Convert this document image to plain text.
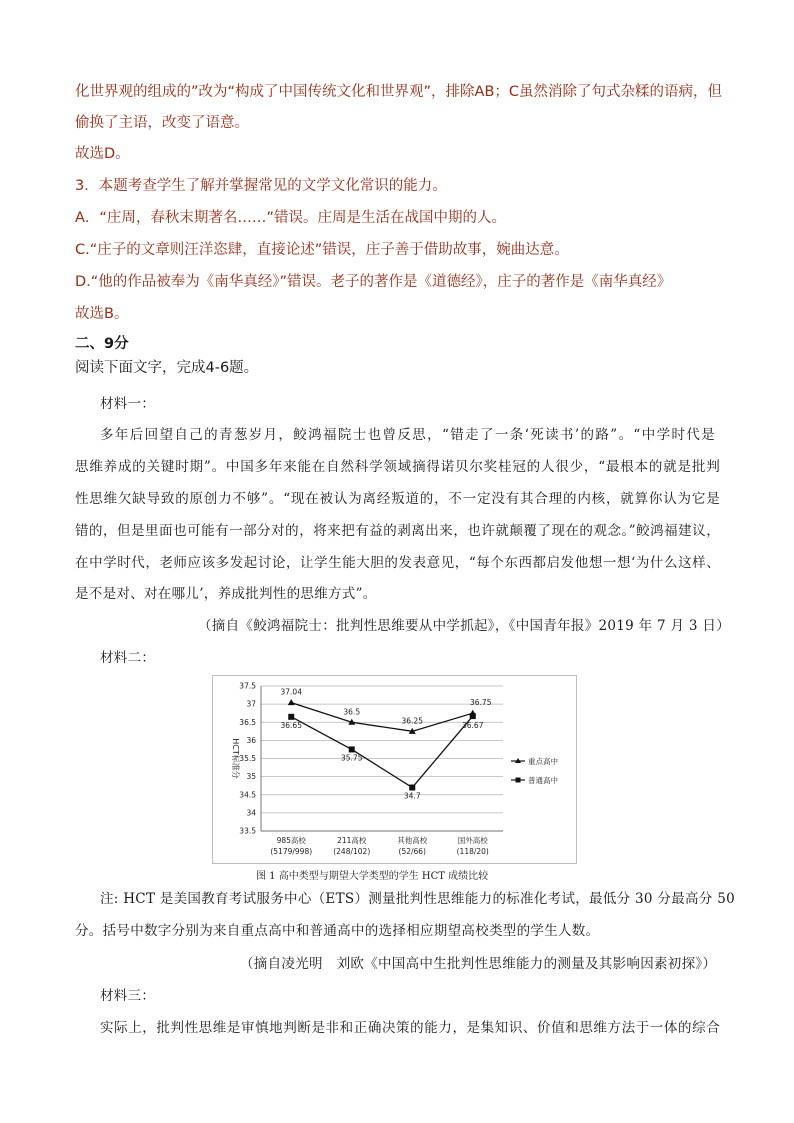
化世界观的组成的”改为“构成了中国传统文化和世界观”，排除AB；C虽然消除了句式杂糅的语病，但
偷换了主语，改变了语意。
故选D。
3．本题考查学生了解并掌握常见的文学文化常识的能力。
A．“庄周，春秋末期著名……”错误。庄周是生活在战国中期的人。
C.“庄子的文章则汪洋恣肆，直接论述”错误，庄子善于借助故事，婉曲达意。
D.“他的作品被奉为《南华真经》”错误。老子的著作是《道德经》，庄子的著作是《南华真经》
故选B。
二、9分
阅读下面文字，完成4-6题。
材料一：
多年后回望自己的青葱岁月，鲛鸿福院士也曾反思，“错走了一条‘死读书’的路”。“中学时代是
思维养成的关键时期”。中国多年来能在自然科学领域摘得诺贝尔奖桂冠的人很少，“最根本的就是批判
性思维欠缺导致的原创力不够”。“现在被认为离经叛道的，不一定没有其合理的内核，就算你认为它是
错的，但是里面也可能有一部分对的，将来把有益的剥离出来，也许就颠覆了现在的观念。”鲛鸿福建议，
在中学时代，老师应该多发起讨论，让学生能大胆的发表意见，“每个东西都启发他想一想‘为什么这样、
是不是对、对在哪儿’，养成批判性的思维方式”。
（摘自《鲛鸿福院士：批判性思维要从中学抓起》，《中国青年报》2019 年 7 月 3 日）
材料二：
37.5
37
36.5
36
35.5
35
34.5
34
33.5
HCT标准分
985高校
(5179/998)
211高校
(248/102)
其他高校
(52/66)
国外高校
(118/20)
37.04
36.5
36.25
36.75
36.65
35.75
34.7
36.67
重点高中
普通高中
图 1 高中类型与期望大学类型的学生 HCT 成绩比较
注: HCT 是美国教育考试服务中心（ETS）测量批判性思维能力的标准化考试，最低分 30 分最高分 50
分。括号中数字分别为来自重点高中和普通高中的选择相应期望高校类型的学生人数。
（摘自凌光明　刘欧《中国高中生批判性思维能力的测量及其影响因素初探》）
材料三：
实际上，批判性思维是审慎地判断是非和正确决策的能力，是集知识、价值和思维方法于一体的综合
